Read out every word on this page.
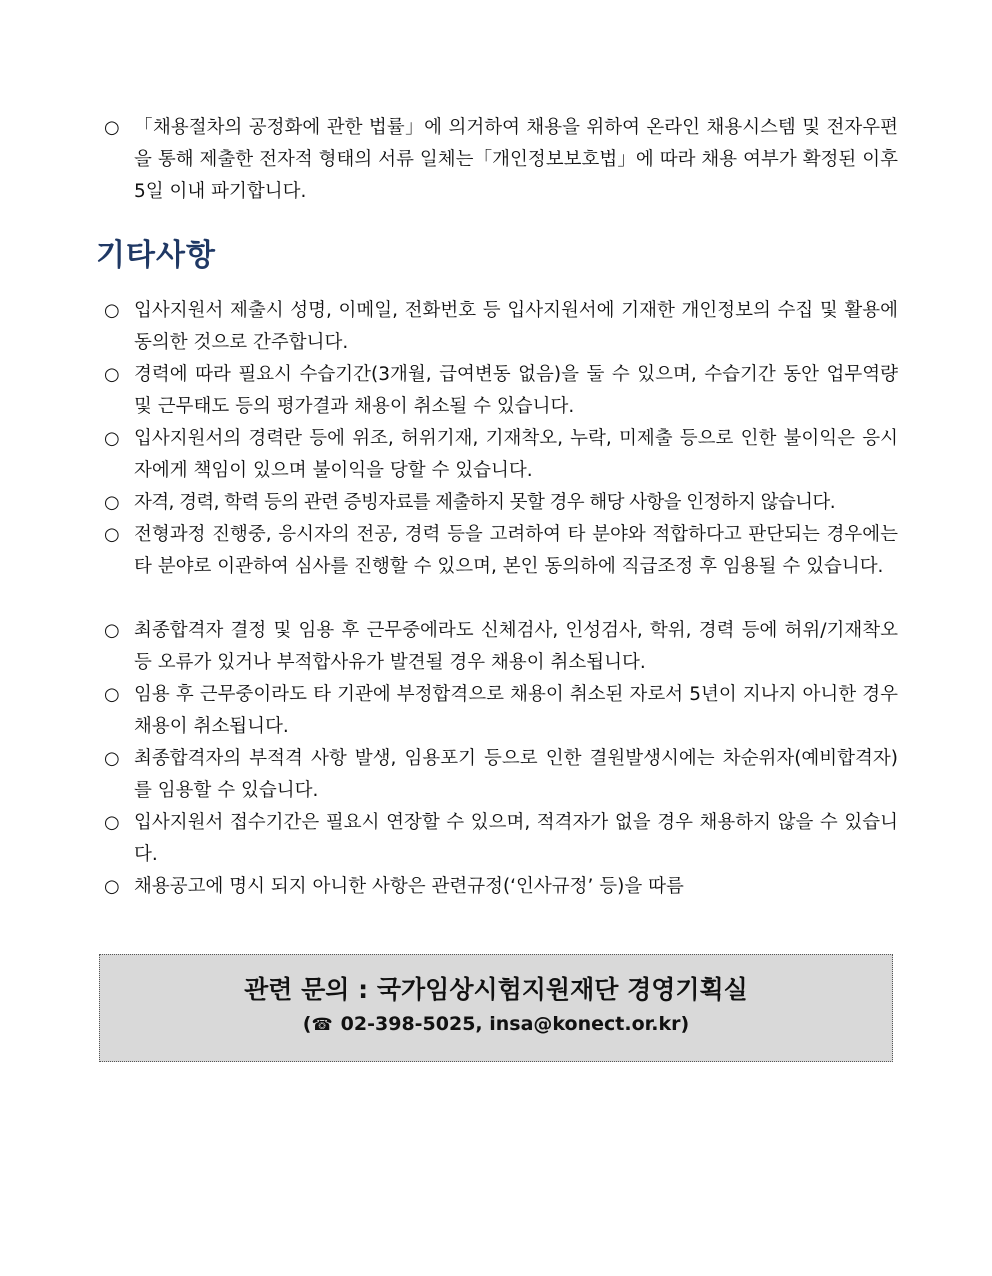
○ 「채용절차의 공정화에 관한 법률」에 의거하여 채용을 위하여 온라인 채용시스템 및 전자우편을 통해 제출한 전자적 형태의 서류 일체는「개인정보보호법」에 따라 채용 여부가 확정된 이후 5일 이내 파기합니다.
기타사항
○ 입사지원서 제출시 성명, 이메일, 전화번호 등 입사지원서에 기재한 개인정보의 수집 및 활용에 동의한 것으로 간주합니다.
○ 경력에 따라 필요시 수습기간(3개월, 급여변동 없음)을 둘 수 있으며, 수습기간 동안 업무역량 및 근무태도 등의 평가결과 채용이 취소될 수 있습니다.
○ 입사지원서의 경력란 등에 위조, 허위기재, 기재착오, 누락, 미제출 등으로 인한 불이익은 응시자에게 책임이 있으며 불이익을 당할 수 있습니다.
○ 자격, 경력, 학력 등의 관련 증빙자료를 제출하지 못할 경우 해당 사항을 인정하지 않습니다.
○ 전형과정 진행중, 응시자의 전공, 경력 등을 고려하여 타 분야와 적합하다고 판단되는 경우에는 타 분야로 이관하여 심사를 진행할 수 있으며, 본인 동의하에 직급조정 후 임용될 수 있습니다.
○ 최종합격자 결정 및 임용 후 근무중에라도 신체검사, 인성검사, 학위, 경력 등에 허위/기재착오 등 오류가 있거나 부적합사유가 발견될 경우 채용이 취소됩니다.
○ 임용 후 근무중이라도 타 기관에 부정합격으로 채용이 취소된 자로서 5년이 지나지 아니한 경우 채용이 취소됩니다.
○ 최종합격자의 부적격 사항 발생, 임용포기 등으로 인한 결원발생시에는 차순위자(예비합격자)를 임용할 수 있습니다.
○ 입사지원서 접수기간은 필요시 연장할 수 있으며, 적격자가 없을 경우 채용하지 않을 수 있습니다.
○ 채용공고에 명시 되지 아니한 사항은 관련규정(‘인사규정’ 등)을 따름
관련 문의 : 국가임상시험지원재단 경영기획실
(☎ 02-398-5025, insa@konect.or.kr)
